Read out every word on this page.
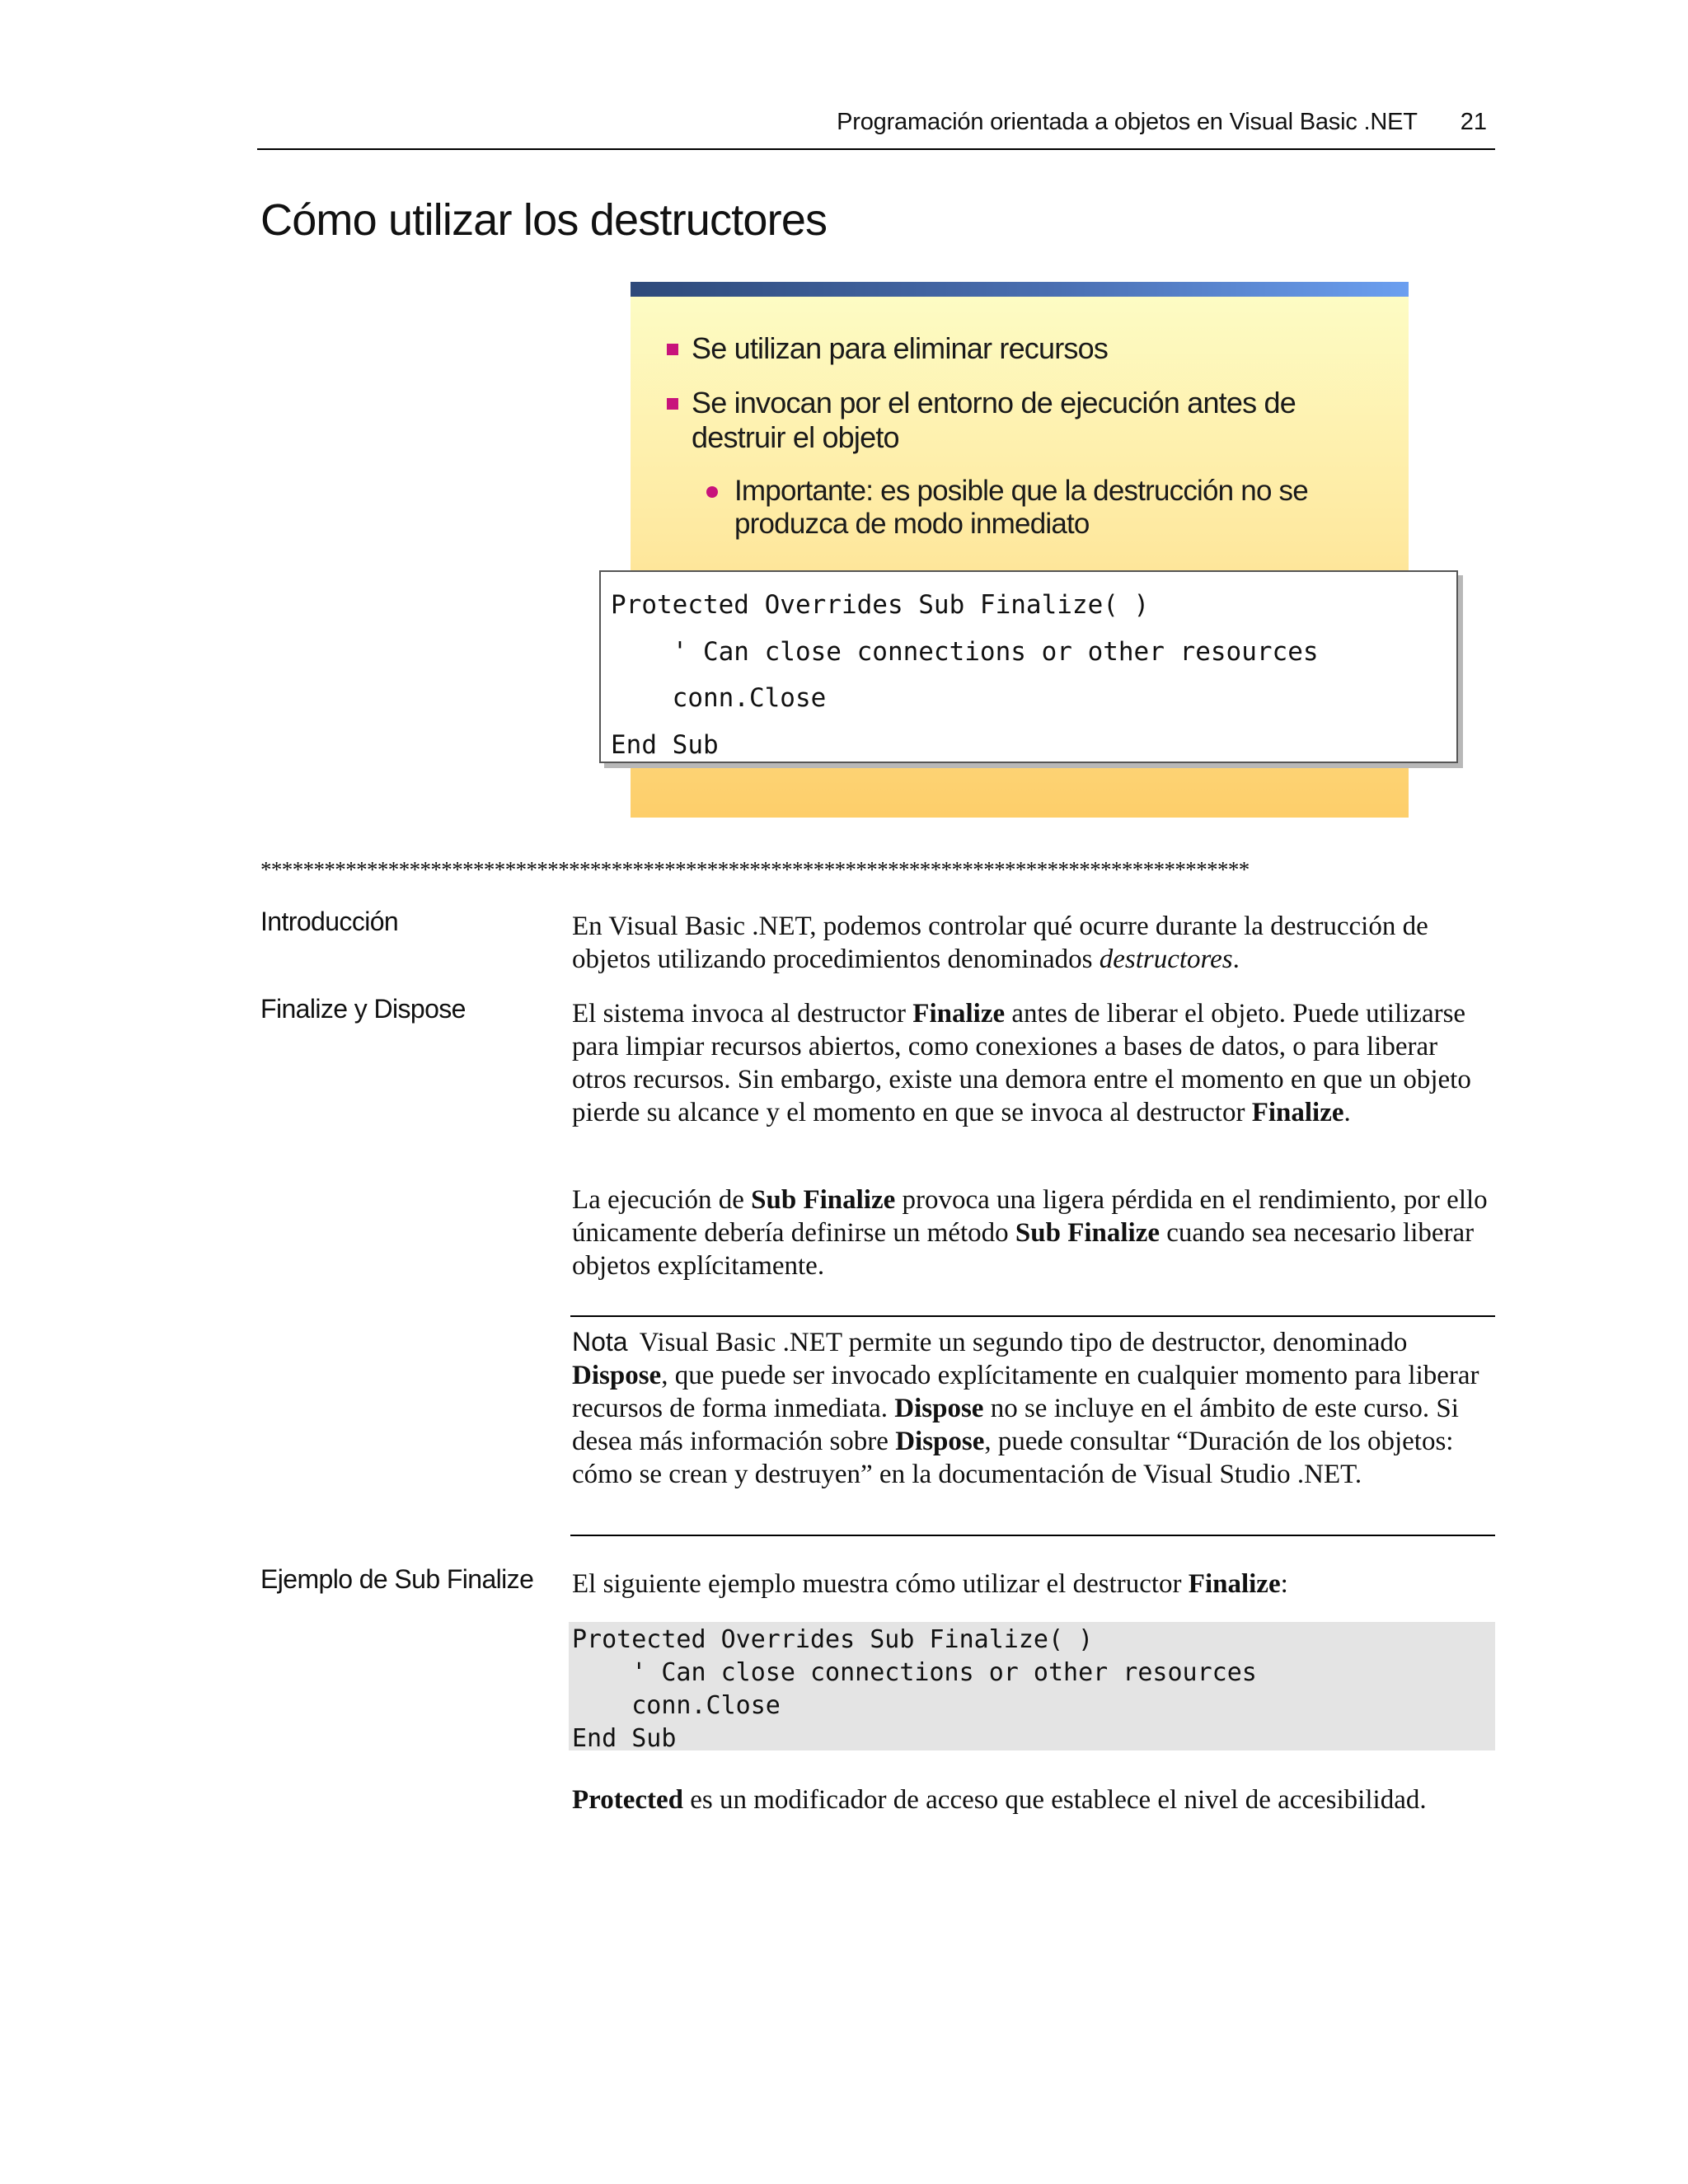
Programación orientada a objetos en Visual Basic .NET 21
Cómo utilizar los destructores
Se utilizan para eliminar recursos
Se invocan por el entorno de ejecución antes de destruir el objeto
Importante: es posible que la destrucción no se produzca de modo inmediato
Protected Overrides Sub Finalize( )
' Can close connections or other resources
conn.Close
End Sub
*********************************************************************************************
Introducción	En Visual Basic .NET, podemos controlar qué ocurre durante la destrucción de objetos utilizando procedimientos denominados destructores.

Finalize y Dispose	El sistema invoca al destructor Finalize antes de liberar el objeto. Puede utilizarse para limpiar recursos abiertos, como conexiones a bases de datos, o para liberar otros recursos. Sin embargo, existe una demora entre el momento en que un objeto pierde su alcance y el momento en que se invoca al destructor Finalize.

La ejecución de Sub Finalize provoca una ligera pérdida en el rendimiento, por ello únicamente debería definirse un método Sub Finalize cuando sea necesario liberar objetos explícitamente.

Nota Visual Basic .NET permite un segundo tipo de destructor, denominado Dispose, que puede ser invocado explícitamente en cualquier momento para liberar recursos de forma inmediata. Dispose no se incluye en el ámbito de este curso. Si desea más información sobre Dispose, puede consultar “Duración de los objetos: cómo se crean y destruyen” en la documentación de Visual Studio .NET.

Ejemplo de Sub Finalize El siguiente ejemplo muestra cómo utilizar el destructor Finalize:

Protected Overrides Sub Finalize( )
' Can close connections or other resources
conn.Close
End Sub

Protected es un modificador de acceso que establece el nivel de accesibilidad.
